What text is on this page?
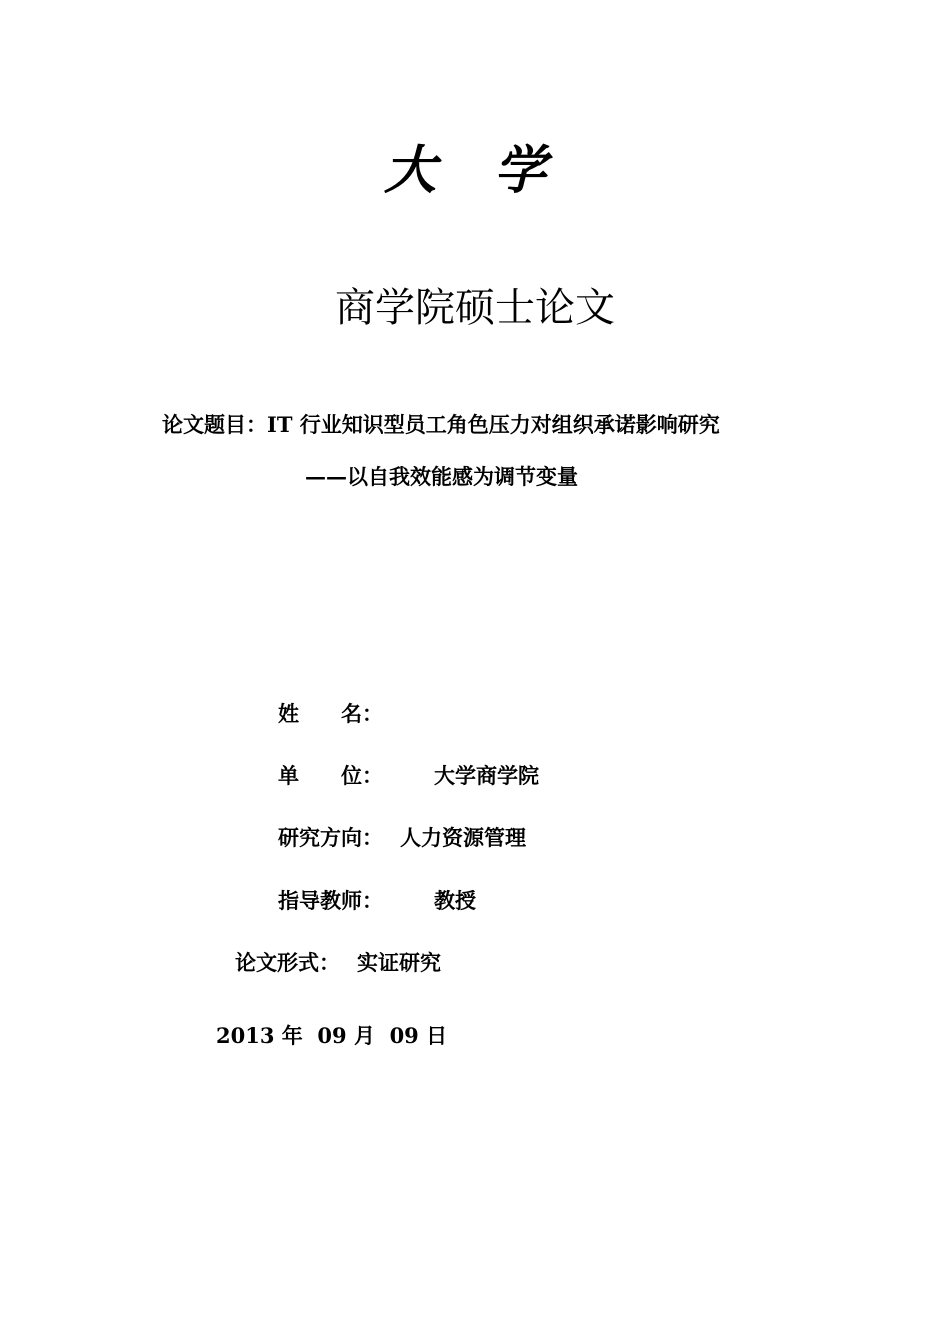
大 学
商学院硕士论文
论文题目：IT 行业知识型员工角色压力对组织承诺影响研究
——以自我效能感为调节变量
姓　　名：
单　　位： 大学商学院
研究方向： 人力资源管理
指导教师： 教授
论文形式： 实证研究
2013 年 09 月 09 日
